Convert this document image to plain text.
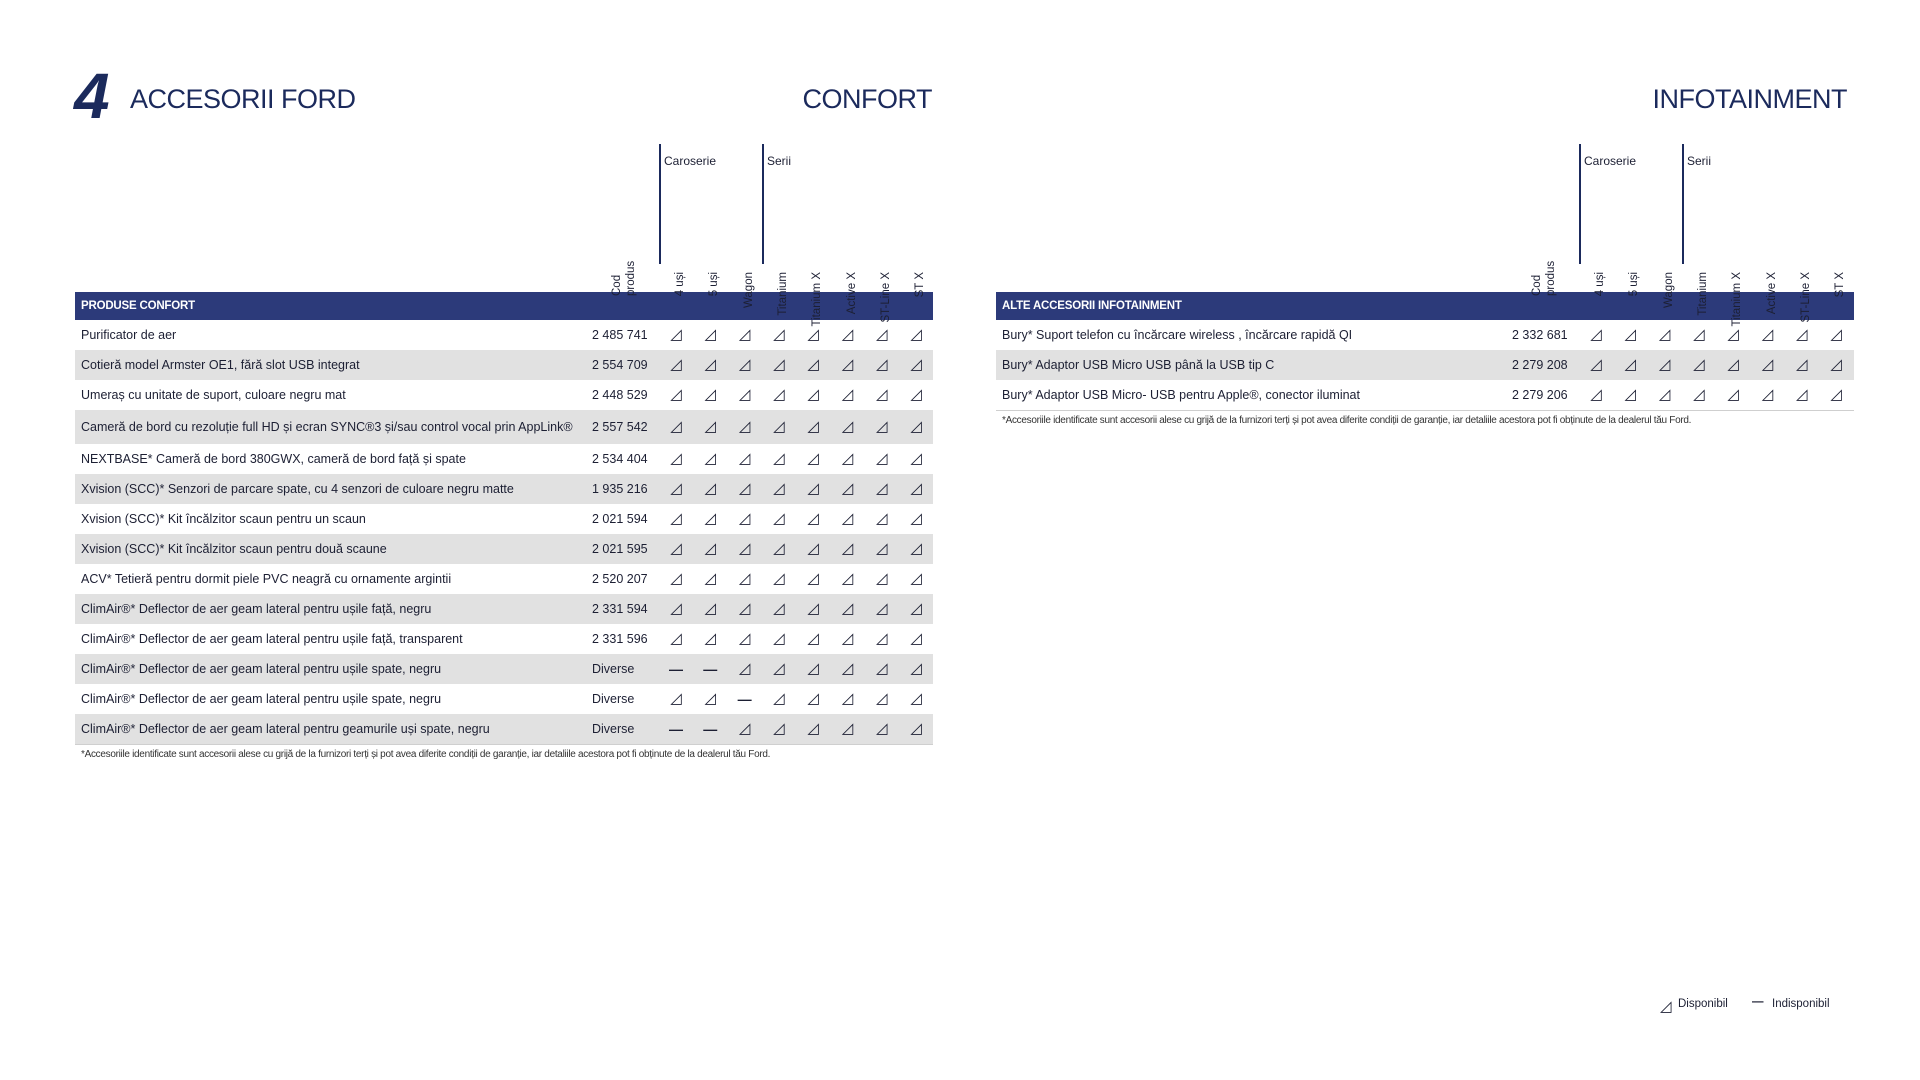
4 ACCESORII FORD	CONFORT	INFOTAINMENT
Caroserie	Serii
Cod produs	4 uși 5 uși Wagon Titanium Titanium X Active X ST-Line X ST X
PRODUSE CONFORT
Purificator de aer	2 485 741 ◿ ◿ ◿ ◿ ◿ ◿ ◿ ◿
Cotieră model Armster OE1, fără slot USB integrat	2 554 709 ◿ ◿ ◿ ◿ ◿ ◿ ◿ ◿
Umeraș cu unitate de suport, culoare negru mat	2 448 529 ◿ ◿ ◿ ◿ ◿ ◿ ◿ ◿
Cameră de bord cu rezoluție full HD și ecran SYNC®3 și/sau control vocal prin AppLink® 2 557 542 ◿ ◿ ◿ ◿ ◿ ◿ ◿ ◿
NEXTBASE* Cameră de bord 380GWX, cameră de bord față și spate	2 534 404 ◿ ◿ ◿ ◿ ◿ ◿ ◿ ◿
Xvision (SCC)* Senzori de parcare spate, cu 4 senzori de culoare negru matte	1 935 216 ◿ ◿ ◿ ◿ ◿ ◿ ◿ ◿
Xvision (SCC)* Kit încălzitor scaun pentru un scaun	2 021 594 ◿ ◿ ◿ ◿ ◿ ◿ ◿ ◿
Xvision (SCC)* Kit încălzitor scaun pentru două scaune	2 021 595 ◿ ◿ ◿ ◿ ◿ ◿ ◿ ◿
ACV* Tetieră pentru dormit piele PVC neagră cu ornamente argintii	2 520 207 ◿ ◿ ◿ ◿ ◿ ◿ ◿ ◿
ClimAir®* Deflector de aer geam lateral pentru ușile față, negru	2 331 594 ◿ ◿ ◿ ◿ ◿ ◿ ◿ ◿
ClimAir®* Deflector de aer geam lateral pentru ușile față, transparent	2 331 596 ◿ ◿ ◿ ◿ ◿ ◿ ◿ ◿
ClimAir®* Deflector de aer geam lateral pentru ușile spate, negru	Diverse — — ◿ ◿ ◿ ◿ ◿ ◿
ClimAir®* Deflector de aer geam lateral pentru ușile spate, negru	Diverse ◿ ◿ — ◿ ◿ ◿ ◿ ◿
ClimAir®* Deflector de aer geam lateral pentru geamurile uși spate, negru	Diverse — — ◿ ◿ ◿ ◿ ◿ ◿
*Accesoriile identificate sunt accesorii alese cu grijă de la furnizori terți și pot avea diferite condiții de garanție, iar detaliile acestora pot fi obținute de la dealerul tău Ford.
Caroserie	Serii
Cod produs	4 uși 5 uși Wagon Titanium Titanium X Active X ST-Line X ST X
ALTE ACCESORII INFOTAINMENT
Bury* Suport telefon cu încărcare wireless , încărcare rapidă QI	2 332 681 ◿ ◿ ◿ ◿ ◿ ◿ ◿ ◿
Bury* Adaptor USB Micro USB până la USB tip C	2 279 208 ◿ ◿ ◿ ◿ ◿ ◿ ◿ ◿
Bury* Adaptor USB Micro- USB pentru Apple®, conector iluminat	2 279 206 ◿ ◿ ◿ ◿ ◿ ◿ ◿ ◿
*Accesoriile identificate sunt accesorii alese cu grijă de la furnizori terți și pot avea diferite condiții de garanție, iar detaliile acestora pot fi obținute de la dealerul tău Ford.
◿ Disponibil — Indisponibil
